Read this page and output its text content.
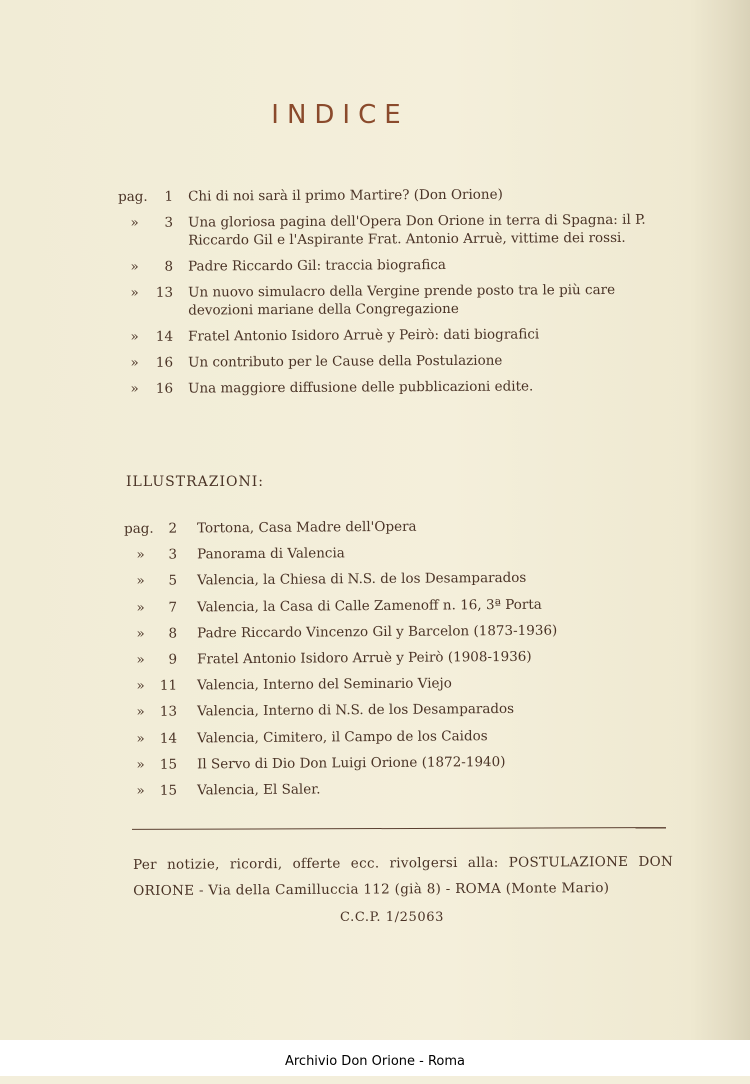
INDICE
pag.	1 Chi di noi sarà il primo Martire? (Don Orione)
»	3 Una gloriosa pagina dell'Opera Don Orione in terra di Spagna: il P. Riccardo Gil e l'Aspirante Frat. Antonio Arruè, vittime dei rossi.
»	8 Padre Riccardo Gil: traccia biografica
»	13 Un nuovo simulacro della Vergine prende posto tra le più care devozioni mariane della Congregazione
»	14 Fratel Antonio Isidoro Arruè y Peirò: dati biografici
»	16 Un contributo per le Cause della Postulazione
»	16 Una maggiore diffusione delle pubblicazioni edite.
ILLUSTRAZIONI:
pag.	2 Tortona, Casa Madre dell'Opera
»	3 Panorama di Valencia
»	5 Valencia, la Chiesa di N.S. de los Desamparados
»	7 Valencia, la Casa di Calle Zamenoff n. 16, 3ª Porta
»	8 Padre Riccardo Vincenzo Gil y Barcelon (1873-1936)
»	9 Fratel Antonio Isidoro Arruè y Peirò (1908-1936)
»	11 Valencia, Interno del Seminario Viejo
»	13 Valencia, Interno di N.S. de los Desamparados
»	14 Valencia, Cimitero, il Campo de los Caidos
»	15 Il Servo di Dio Don Luigi Orione (1872-1940)
»	15 Valencia, El Saler.
Per notizie, ricordi, offerte ecc. rivolgersi alla: POSTULAZIONE DON ORIONE - Via della Camilluccia 112 (già 8) - ROMA (Monte Mario)
C.C.P. 1/25063
Archivio Don Orione - Roma
